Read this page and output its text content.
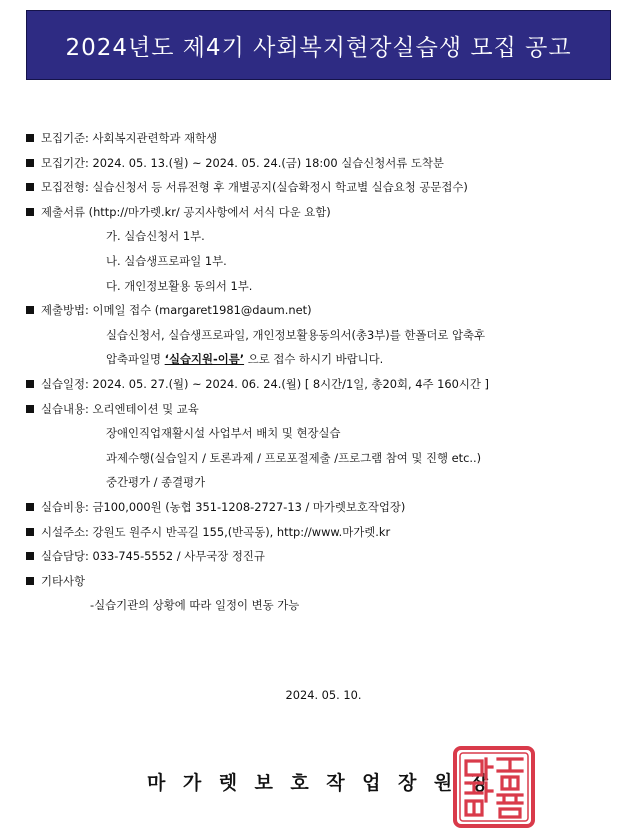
2024년도 제4기 사회복지현장실습생 모집 공고
모집기준 : 사회복지관련학과 재학생
모집기간 : 2024. 05. 13.(월) ~ 2024. 05. 24.(금) 18:00 실습신청서류 도착분
모집전형 : 실습신청서 등 서류전형 후 개별공지(실습확정시 학교별 실습요청 공문접수)
제출서류
(http://마가렛.kr/ 공지사항에서 서식 다운 요함)
가. 실습신청서 1부.
나. 실습생프로파일 1부.
다. 개인정보활용 동의서 1부.
제출방법 : 이메일 접수 (margaret1981@daum.net)
실습신청서, 실습생프로파일, 개인정보활용동의서(총3부)를 한폴더로 압축후
압축파일명
‘실습지원-이름’
으로 접수 하시기 바랍니다.
실습일정 : 2024. 05. 27.(월) ~ 2024. 06. 24.(월) [ 8시간/1일, 총20회, 4주 160시간 ]
실습내용 : 오리엔테이션 및 교육
장애인직업재활시설 사업부서 배치 및 현장실습
과제수행(실습일지 / 토론과제 / 프로포절제출 /프로그램 참여 및 진행 etc..)
중간평가 / 종결평가
실습비용 : 금100,000원 (농협 351-1208-2727-13 / 마가렛보호작업장)
시설주소 : 강원도 원주시 반곡길 155,(반곡동), http://www.마가렛.kr
실습담당 : 033-745-5552 / 사무국장 정진규
기타사항
-실습기관의 상황에 따라 일정이 변동 가능
2024. 05. 10.
마가렛보호작업장원장
